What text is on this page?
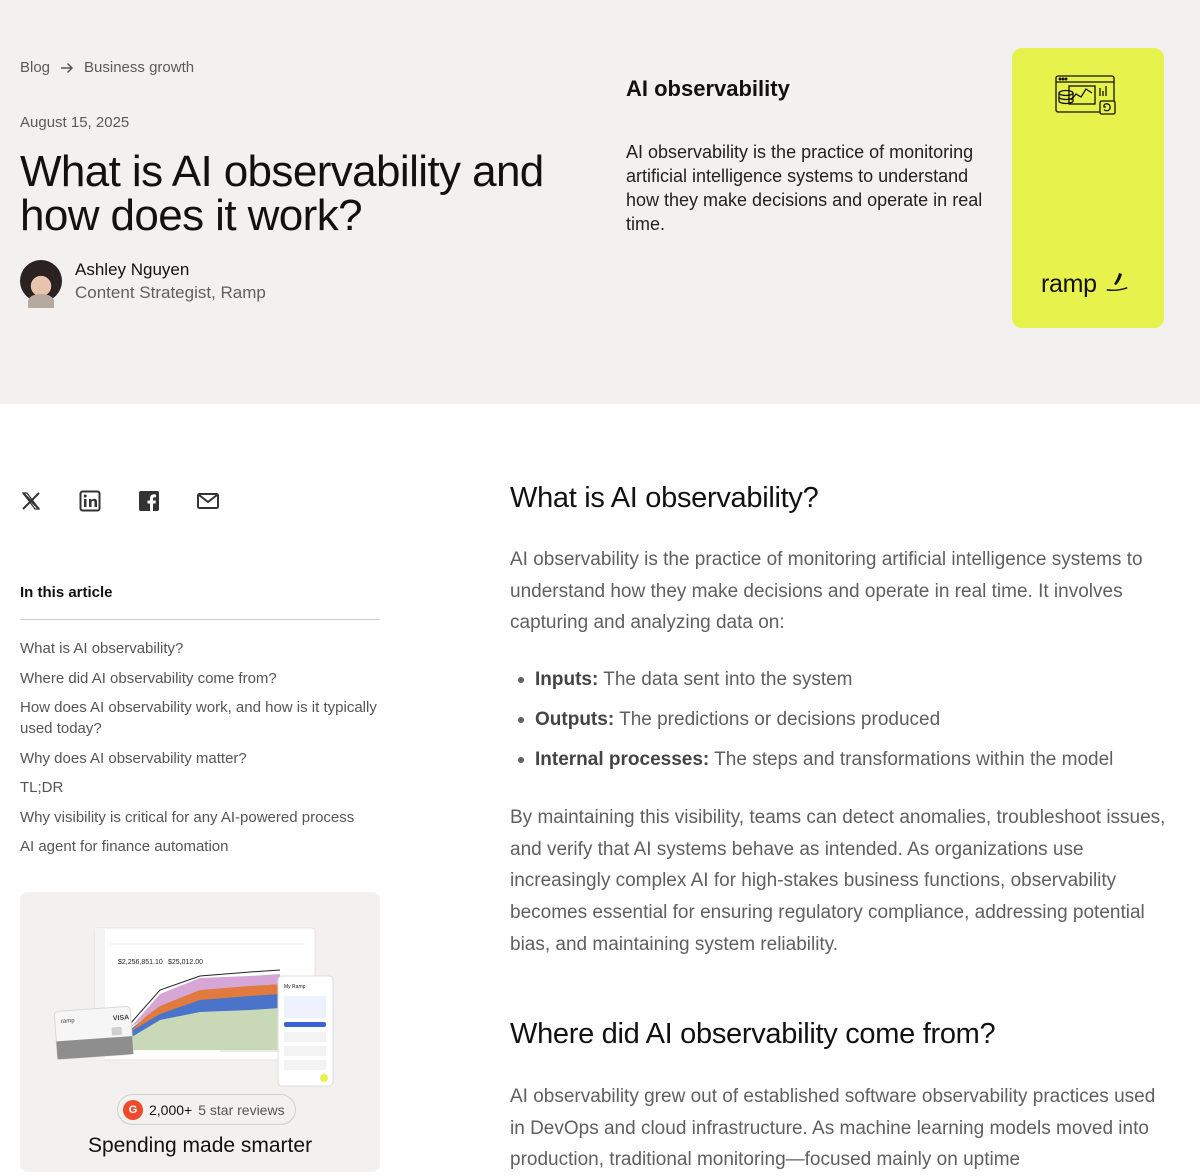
Blog Business growth
August 15, 2025
What is AI observability and how does it work?
Ashley Nguyen
Content Strategist, Ramp
AI observability
AI observability is the practice of monitoring artificial intelligence systems to understand how they make decisions and operate in real time.
ramp
In this article
What is AI observability?
Where did AI observability come from?
How does AI observability work, and how is it typically used today?
Why does AI observability matter?
TL;DR
Why visibility is critical for any AI-powered process
AI agent for finance automation
$2,256,851.10 $25,012.00
My Ramp
ramp	VISA
G 2,000+ 5 star reviews
Spending made smarter
What is AI observability?

AI observability is the practice of monitoring artificial intelligence systems to understand how they make decisions and operate in real time. It involves capturing and analyzing data on:

Inputs: The data sent into the system
Outputs: The predictions or decisions produced
Internal processes: The steps and transformations within the model

By maintaining this visibility, teams can detect anomalies, troubleshoot issues, and verify that AI systems behave as intended. As organizations use increasingly complex AI for high-stakes business functions, observability becomes essential for ensuring regulatory compliance, addressing potential bias, and maintaining system reliability.

Where did AI observability come from?

AI observability grew out of established software observability practices used in DevOps and cloud infrastructure. As machine learning models moved into production, traditional monitoring—focused mainly on uptime
